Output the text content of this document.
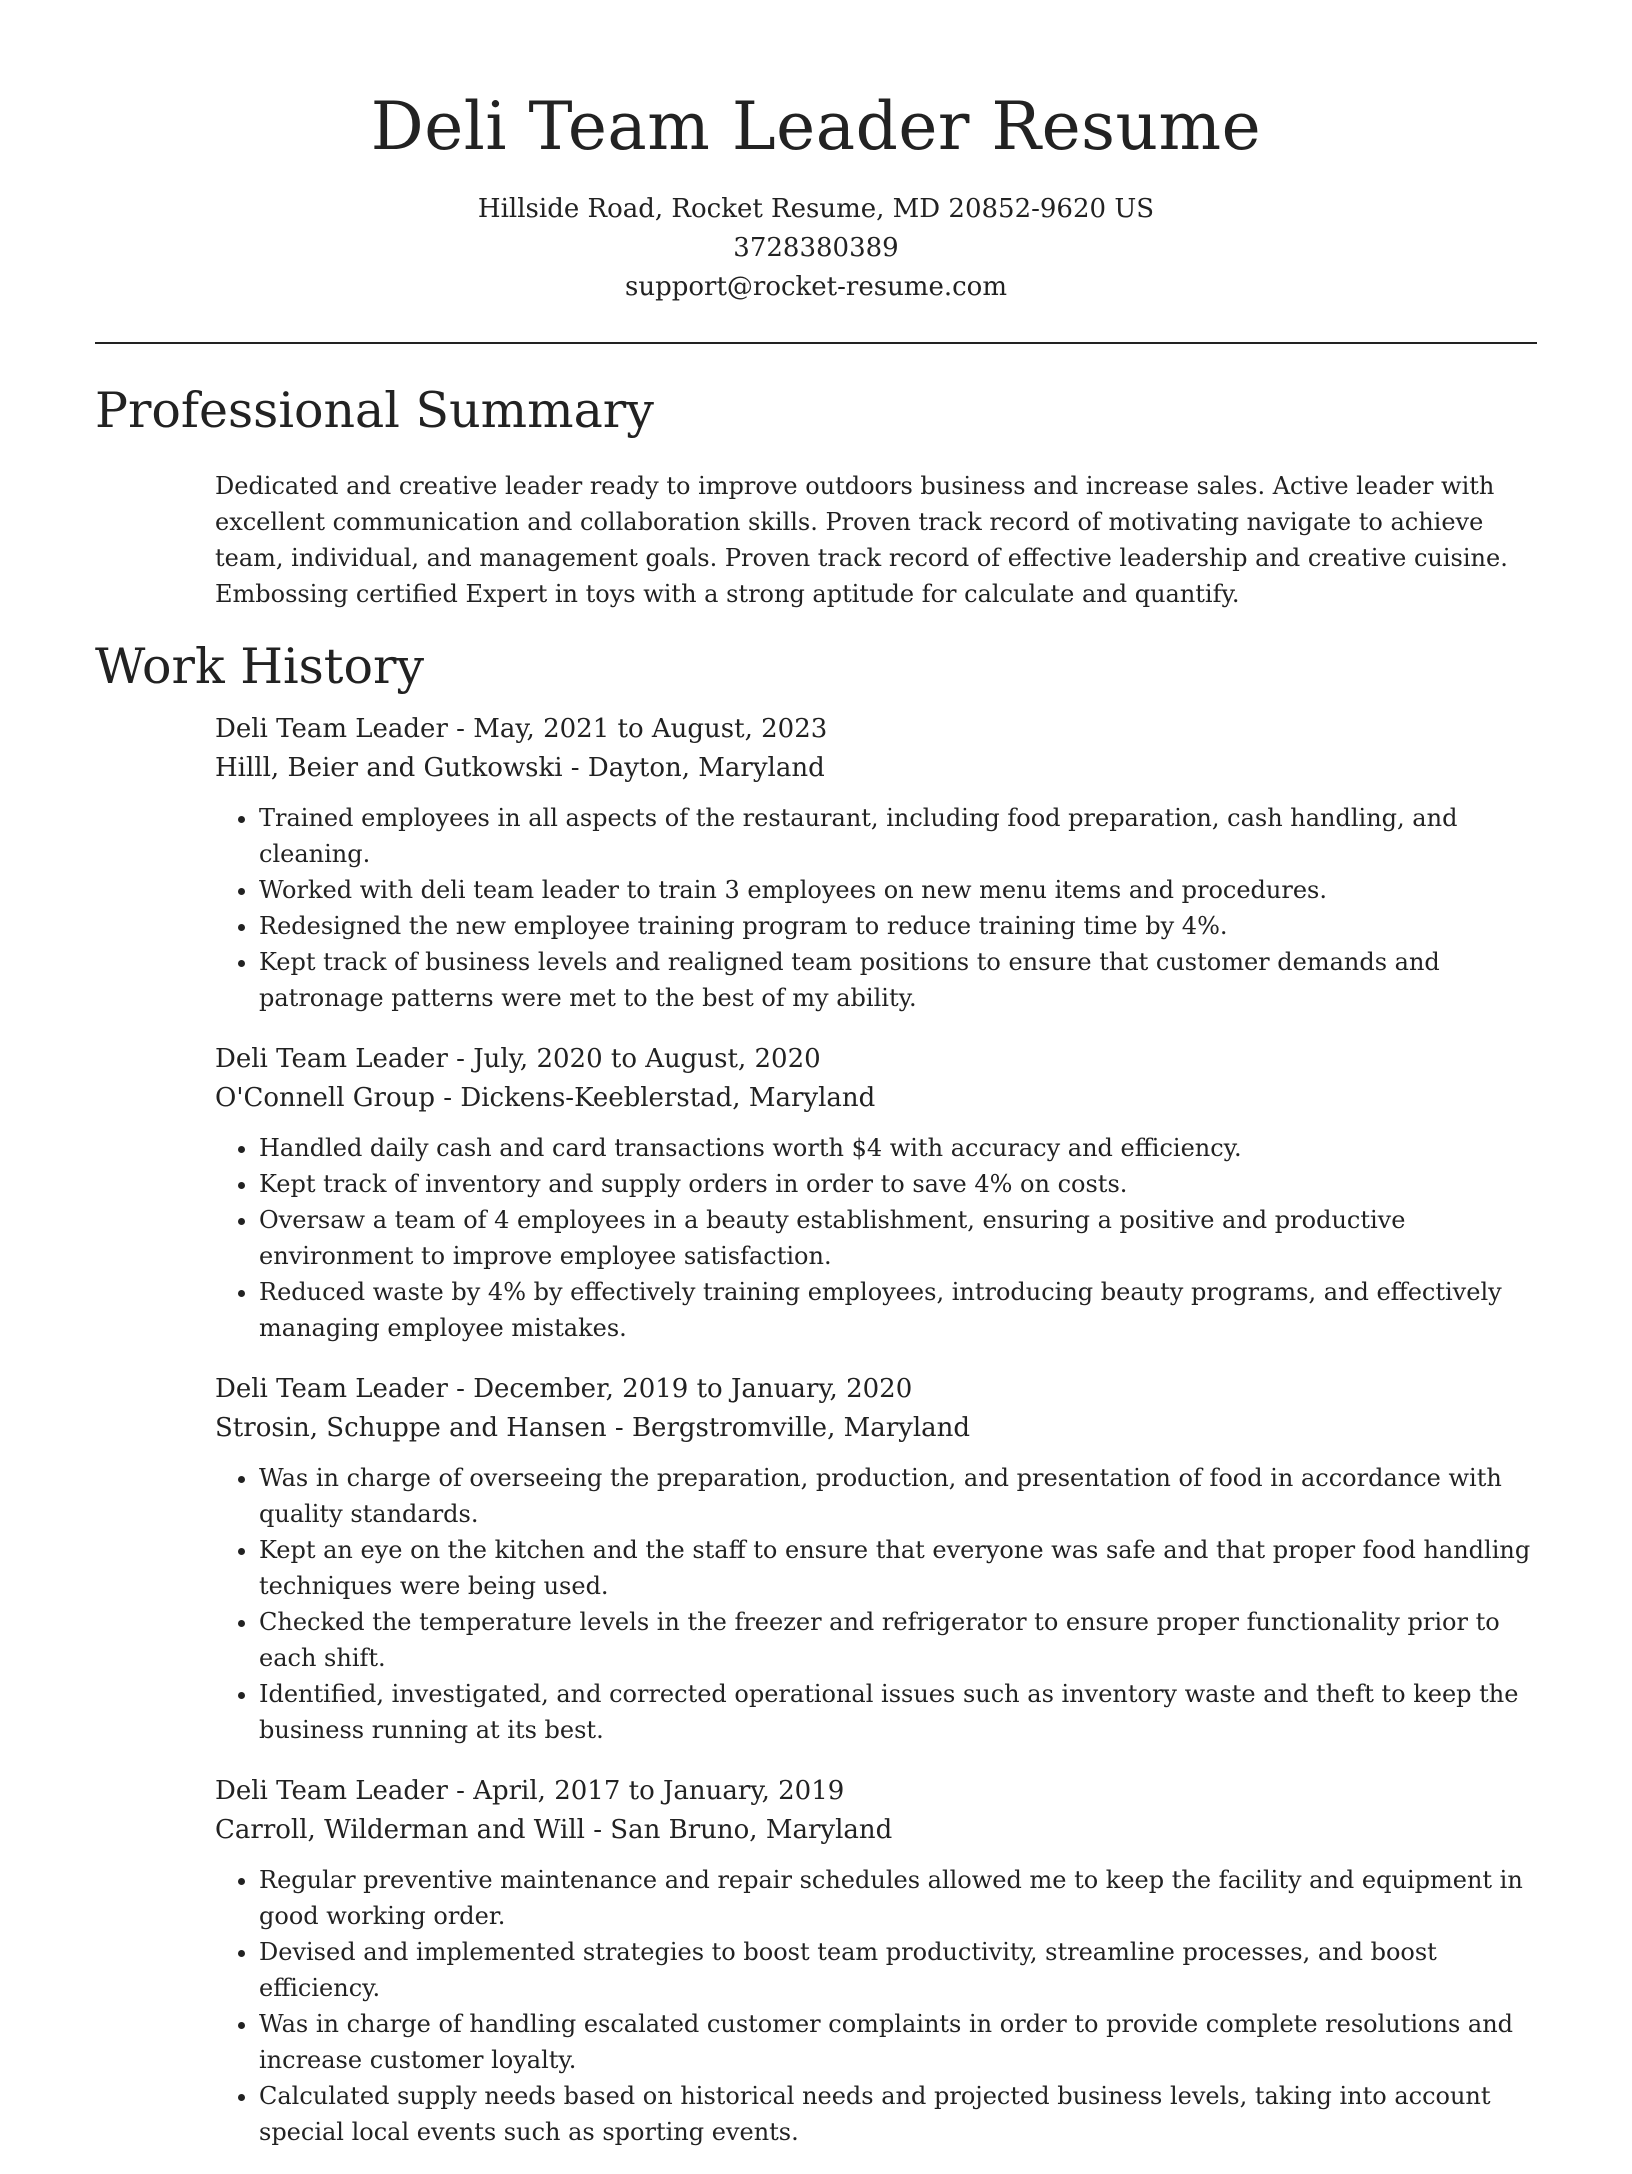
Deli Team Leader Resume
Hillside Road, Rocket Resume, MD 20852-9620 US
3728380389
support@rocket-resume.com
Professional Summary

Dedicated and creative leader ready to improve outdoors business and increase sales. Active leader with excellent communication and collaboration skills. Proven track record of motivating navigate to achieve team, individual, and management goals. Proven track record of effective leadership and creative cuisine. Embossing certified Expert in toys with a strong aptitude for calculate and quantify.

Work History
Deli Team Leader - May, 2021 to August, 2023
Hilll, Beier and Gutkowski - Dayton, Maryland
• Trained employees in all aspects of the restaurant, including food preparation, cash handling, and cleaning.
• Worked with deli team leader to train 3 employees on new menu items and procedures.
• Redesigned the new employee training program to reduce training time by 4%.
• Kept track of business levels and realigned team positions to ensure that customer demands and patronage patterns were met to the best of my ability.
Deli Team Leader - July, 2020 to August, 2020
O'Connell Group - Dickens-Keeblerstad, Maryland
• Handled daily cash and card transactions worth $4 with accuracy and efficiency.
• Kept track of inventory and supply orders in order to save 4% on costs.
• Oversaw a team of 4 employees in a beauty establishment, ensuring a positive and productive environment to improve employee satisfaction.
• Reduced waste by 4% by effectively training employees, introducing beauty programs, and effectively managing employee mistakes.
Deli Team Leader - December, 2019 to January, 2020
Strosin, Schuppe and Hansen - Bergstromville, Maryland
• Was in charge of overseeing the preparation, production, and presentation of food in accordance with quality standards.
• Kept an eye on the kitchen and the staff to ensure that everyone was safe and that proper food handling techniques were being used.
• Checked the temperature levels in the freezer and refrigerator to ensure proper functionality prior to each shift.
• Identified, investigated, and corrected operational issues such as inventory waste and theft to keep the business running at its best.
Deli Team Leader - April, 2017 to January, 2019
Carroll, Wilderman and Will - San Bruno, Maryland
• Regular preventive maintenance and repair schedules allowed me to keep the facility and equipment in good working order.
• Devised and implemented strategies to boost team productivity, streamline processes, and boost efficiency.
• Was in charge of handling escalated customer complaints in order to provide complete resolutions and increase customer loyalty.
• Calculated supply needs based on historical needs and projected business levels, taking into account special local events such as sporting events.
